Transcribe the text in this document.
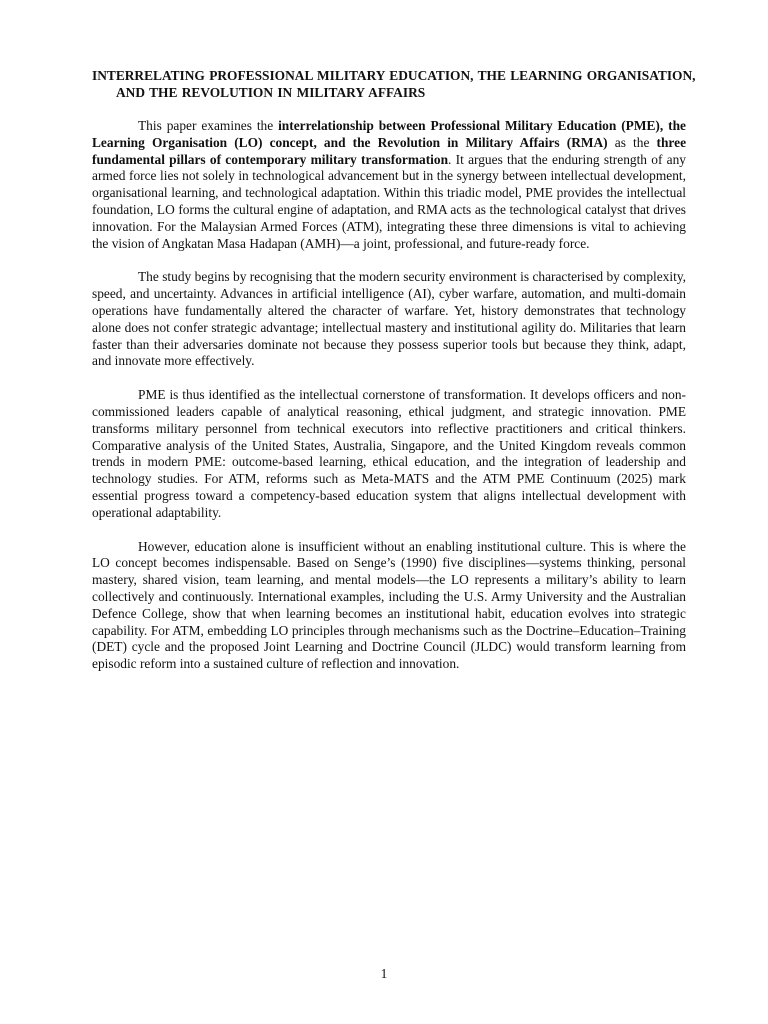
INTERRELATING PROFESSIONAL MILITARY EDUCATION, THE LEARNING ORGANISATION, AND THE REVOLUTION IN MILITARY AFFAIRS

This paper examines the interrelationship between Professional Military Education (PME), the Learning Organisation (LO) concept, and the Revolution in Military Affairs (RMA) as the three fundamental pillars of contemporary military transformation. It argues that the enduring strength of any armed force lies not solely in technological advancement but in the synergy between intellectual development, organisational learning, and technological adaptation. Within this triadic model, PME provides the intellectual foundation, LO forms the cultural engine of adaptation, and RMA acts as the technological catalyst that drives innovation. For the Malaysian Armed Forces (ATM), integrating these three dimensions is vital to achieving the vision of Angkatan Masa Hadapan (AMH)—a joint, professional, and future-ready force.

The study begins by recognising that the modern security environment is characterised by complexity, speed, and uncertainty. Advances in artificial intelligence (AI), cyber warfare, automation, and multi-domain operations have fundamentally altered the character of warfare. Yet, history demonstrates that technology alone does not confer strategic advantage; intellectual mastery and institutional agility do. Militaries that learn faster than their adversaries dominate not because they possess superior tools but because they think, adapt, and innovate more effectively.

PME is thus identified as the intellectual cornerstone of transformation. It develops officers and non-commissioned leaders capable of analytical reasoning, ethical judgment, and strategic innovation. PME transforms military personnel from technical executors into reflective practitioners and critical thinkers. Comparative analysis of the United States, Australia, Singapore, and the United Kingdom reveals common trends in modern PME: outcome-based learning, ethical education, and the integration of leadership and technology studies. For ATM, reforms such as Meta-MATS and the ATM PME Continuum (2025) mark essential progress toward a competency-based education system that aligns intellectual development with operational adaptability.

However, education alone is insufficient without an enabling institutional culture. This is where the LO concept becomes indispensable. Based on Senge’s (1990) five disciplines—systems thinking, personal mastery, shared vision, team learning, and mental models—the LO represents a military’s ability to learn collectively and continuously. International examples, including the U.S. Army University and the Australian Defence College, show that when learning becomes an institutional habit, education evolves into strategic capability. For ATM, embedding LO principles through mechanisms such as the Doctrine–Education–Training (DET) cycle and the proposed Joint Learning and Doctrine Council (JLDC) would transform learning from episodic reform into a sustained culture of reflection and innovation.

1
